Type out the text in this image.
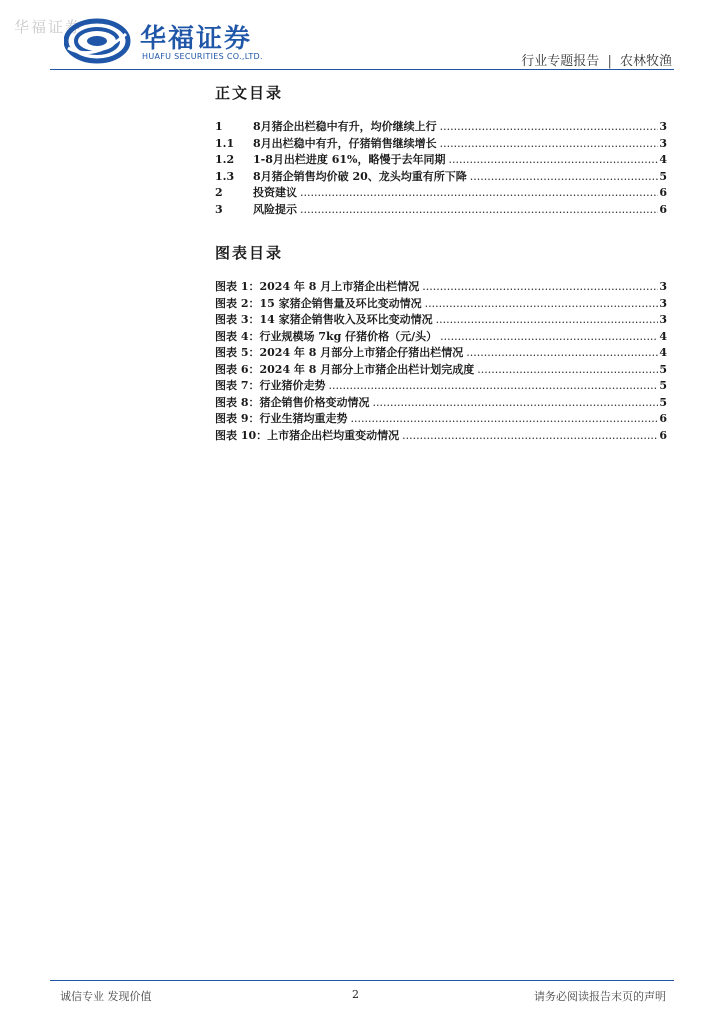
华福证券 华福证券
HUAFU SECURITIES CO.,LTD.	行业专题报告 | 农林牧渔
正文目录
1	8月猪企出栏稳中有升，均价继续上行 .....	3
1.1	8月出栏稳中有升，仔猪销售继续增长 .....	3
1.2	1-8月出栏进度 61%，略慢于去年同期 .....	4
1.3	8月猪企销售均价破 20、龙头均重有所下降 .....	5
2	投资建议 .....	6
3	风险提示 .....	6
图表目录
图表 1： 2024 年 8 月上市猪企出栏情况 .....	3
图表 2： 15 家猪企销售量及环比变动情况 .....	3
图表 3： 14 家猪企销售收入及环比变动情况 .....	3
图表 4： 行业规模场 7kg 仔猪价格（元/头） .....	4
图表 5： 2024 年 8 月部分上市猪企仔猪出栏情况 .....	4
图表 6： 2024 年 8 月部分上市猪企出栏计划完成度 .....	5
图表 7： 行业猪价走势 .....	5
图表 8： 猪企销售价格变动情况 .....	5
图表 9： 行业生猪均重走势 .....	6
图表 10： 上市猪企出栏均重变动情况 .....	6
诚信专业 发现价值	2	请务必阅读报告末页的声明
